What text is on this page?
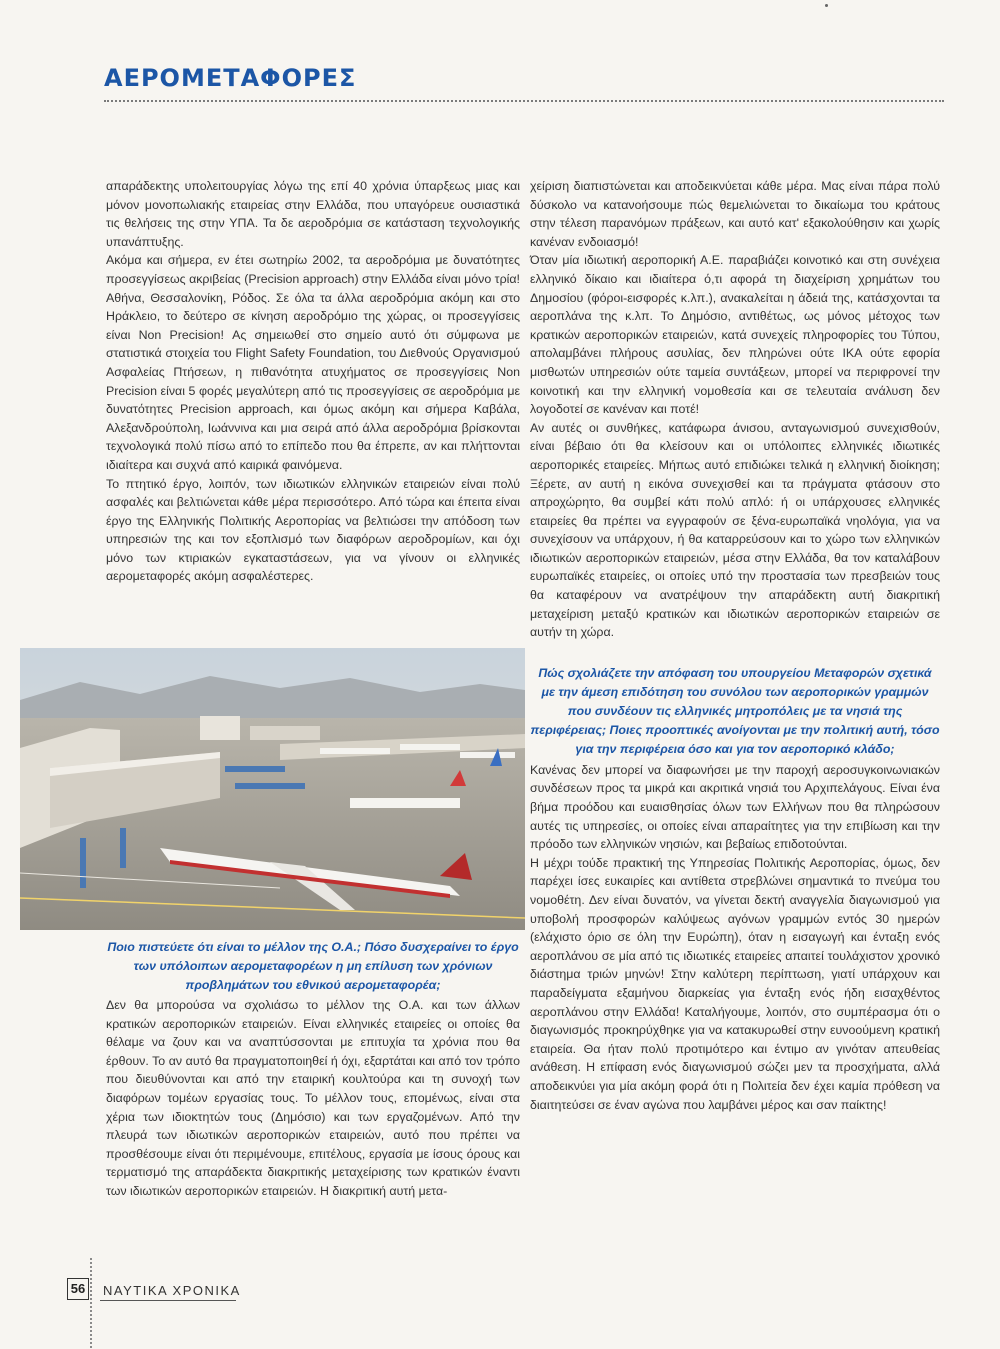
ΑΕΡΟΜΕΤΑΦΟΡΕΣ

απαράδεκτης υπολειτουργίας λόγω της επί 40 χρόνια ύπαρξεως μιας και μόνον μονοπωλιακής εταιρείας στην Ελλάδα, που υπαγόρευε ουσιαστικά τις θελήσεις της στην ΥΠΑ. Τα δε αεροδρόμια σε κατάσταση τεχνολογικής υπανάπτυξης.

Ακόμα και σήμερα, εν έτει σωτηρίω 2002, τα αεροδρόμια με δυνατότητες προσεγγίσεως ακριβείας (Precision approach) στην Ελλάδα είναι μόνο τρία! Αθήνα, Θεσσαλονίκη, Ρόδος. Σε όλα τα άλλα αεροδρόμια ακόμη και στο Ηράκλειο, το δεύτερο σε κίνηση αεροδρόμιο της χώρας, οι προσεγγίσεις είναι Non Precision! Ας σημειωθεί στο σημείο αυτό ότι σύμφωνα με στατιστικά στοιχεία του Flight Safety Foundation, του Διεθνούς Οργανισμού Ασφαλείας Πτήσεων, η πιθανότητα ατυχήματος σε προσεγγίσεις Non Precision είναι 5 φορές μεγαλύτερη από τις προσεγγίσεις σε αεροδρόμια με δυνατότητες Precision approach, και όμως ακόμη και σήμερα Καβάλα, Αλεξανδρούπολη, Ιωάννινα και μια σειρά από άλλα αεροδρόμια βρίσκονται τεχνολογικά πολύ πίσω από το επίπεδο που θα έπρεπε, αν και πλήττονται ιδιαίτερα και συχνά από καιρικά φαινόμενα.

Το πτητικό έργο, λοιπόν, των ιδιωτικών ελληνικών εταιρειών είναι πολύ ασφαλές και βελτιώνεται κάθε μέρα περισσότερο. Από τώρα και έπειτα είναι έργο της Ελληνικής Πολιτικής Αεροπορίας να βελτιώσει την απόδοση των υπηρεσιών της και τον εξοπλισμό των διαφόρων αεροδρομίων, και όχι μόνο των κτιριακών εγκαταστάσεων, για να γίνουν οι ελληνικές αερομεταφορές ακόμη ασφαλέστερες.

Ποιο πιστεύετε ότι είναι το μέλλον της Ο.Α.; Πόσο δυσχεραίνει το έργο των υπόλοιπων αερομεταφορέων η μη επίλυση των χρόνιων προβλημάτων του εθνικού αερομεταφορέα;

Δεν θα μπορούσα να σχολιάσω το μέλλον της Ο.Α. και των άλλων κρατικών αεροπορικών εταιρειών. Είναι ελληνικές εταιρείες οι οποίες θα θέλαμε να ζουν και να αναπτύσσονται με επιτυχία τα χρόνια που θα έρθουν. Το αν αυτό θα πραγματοποιηθεί ή όχι, εξαρτάται και από τον τρόπο που διευθύνονται και από την εταιρική κουλτούρα και τη συνοχή των διαφόρων τομέων εργασίας τους. Το μέλλον τους, επομένως, είναι στα χέρια των ιδιοκτητών τους (Δημόσιο) και των εργαζομένων. Από την πλευρά των ιδιωτικών αεροπορικών εταιρειών, αυτό που πρέπει να προσθέσουμε είναι ότι περιμένουμε, επιτέλους, εργασία με ίσους όρους και τερματισμό της απαράδεκτα διακριτικής μεταχείρισης των κρατικών έναντι των ιδιωτικών αεροπορικών εταιρειών. Η διακριτική αυτή μετα-

χείριση διαπιστώνεται και αποδεικνύεται κάθε μέρα. Μας είναι πάρα πολύ δύσκολο να κατανοήσουμε πώς θεμελιώνεται το δικαίωμα του κράτους στην τέλεση παρανόμων πράξεων, και αυτό κατ' εξακολούθησιν και χωρίς κανέναν ενδοιασμό!

Όταν μία ιδιωτική αεροπορική Α.Ε. παραβιάζει κοινοτικό και στη συνέχεια ελληνικό δίκαιο και ιδιαίτερα ό,τι αφορά τη διαχείριση χρημάτων του Δημοσίου (φόροι-εισφορές κ.λπ.), ανακαλείται η άδειά της, κατάσχονται τα αεροπλάνα της κ.λπ. Το Δημόσιο, αντιθέτως, ως μόνος μέτοχος των κρατικών αεροπορικών εταιρειών, κατά συνεχείς πληροφορίες του Τύπου, απολαμβάνει πλήρους ασυλίας, δεν πληρώνει ούτε ΙΚΑ ούτε εφορία μισθωτών υπηρεσιών ούτε ταμεία συντάξεων, μπορεί να περιφρονεί την κοινοτική και την ελληνική νομοθεσία και σε τελευταία ανάλυση δεν λογοδοτεί σε κανέναν και ποτέ!

Αν αυτές οι συνθήκες, κατάφωρα άνισου, ανταγωνισμού συνεχισθούν, είναι βέβαιο ότι θα κλείσουν και οι υπόλοιπες ελληνικές ιδιωτικές αεροπορικές εταιρείες. Μήπως αυτό επιδιώκει τελικά η ελληνική διοίκηση; Ξέρετε, αν αυτή η εικόνα συνεχισθεί και τα πράγματα φτάσουν στο απροχώρητο, θα συμβεί κάτι πολύ απλό: ή οι υπάρχουσες ελληνικές εταιρείες θα πρέπει να εγγραφούν σε ξένα-ευρωπαϊκά νηολόγια, για να συνεχίσουν να υπάρχουν, ή θα καταρρεύσουν και το χώρο των ελληνικών ιδιωτικών αεροπορικών εταιρειών, μέσα στην Ελλάδα, θα τον καταλάβουν ευρωπαϊκές εταιρείες, οι οποίες υπό την προστασία των πρεσβειών τους θα καταφέρουν να ανατρέψουν την απαράδεκτη αυτή διακριτική μεταχείριση μεταξύ κρατικών και ιδιωτικών αεροπορικών εταιρειών σε αυτήν τη χώρα.

Πώς σχολιάζετε την απόφαση του υπουργείου Μεταφορών σχετικά με την άμεση επιδότηση του συνόλου των αεροπορικών γραμμών που συνδέουν τις ελληνικές μητροπόλεις με τα νησιά της περιφέρειας; Ποιες προοπτικές ανοίγονται με την πολιτική αυτή, τόσο για την περιφέρεια όσο και για τον αεροπορικό κλάδο;

Κανένας δεν μπορεί να διαφωνήσει με την παροχή αεροσυγκοινωνιακών συνδέσεων προς τα μικρά και ακριτικά νησιά του Αρχιπελάγους. Είναι ένα βήμα προόδου και ευαισθησίας όλων των Ελλήνων που θα πληρώσουν αυτές τις υπηρεσίες, οι οποίες είναι απαραίτητες για την επιβίωση και την πρόοδο των ελληνικών νησιών, και βεβαίως επιδοτούνται.

Η μέχρι τούδε πρακτική της Υπηρεσίας Πολιτικής Αεροπορίας, όμως, δεν παρέχει ίσες ευκαιρίες και αντίθετα στρεβλώνει σημαντικά το πνεύμα του νομοθέτη. Δεν είναι δυνατόν, να γίνεται δεκτή αναγγελία διαγωνισμού για υποβολή προσφορών καλύψεως αγόνων γραμμών εντός 30 ημερών (ελάχιστο όριο σε όλη την Ευρώπη), όταν η εισαγωγή και ένταξη ενός αεροπλάνου σε μία από τις ιδιωτικές εταιρείες απαιτεί τουλάχιστον χρονικό διάστημα τριών μηνών! Στην καλύτερη περίπτωση, γιατί υπάρχουν και παραδείγματα εξαμήνου διαρκείας για ένταξη ενός ήδη εισαχθέντος αεροπλάνου στην Ελλάδα! Καταλήγουμε, λοιπόν, στο συμπέρασμα ότι ο διαγωνισμός προκηρύχθηκε για να κατακυρωθεί στην ευνοούμενη κρατική εταιρεία. Θα ήταν πολύ προτιμότερο και έντιμο αν γινόταν απευθείας ανάθεση. Η επίφαση ενός διαγωνισμού σώζει μεν τα προσχήματα, αλλά αποδεικνύει για μία ακόμη φορά ότι η Πολιτεία δεν έχει καμία πρόθεση να διαιτητεύσει σε έναν αγώνα που λαμβάνει μέρος και σαν παίκτης!

56 ΝΑΥΤΙΚΑ ΧΡΟΝΙΚΑ
